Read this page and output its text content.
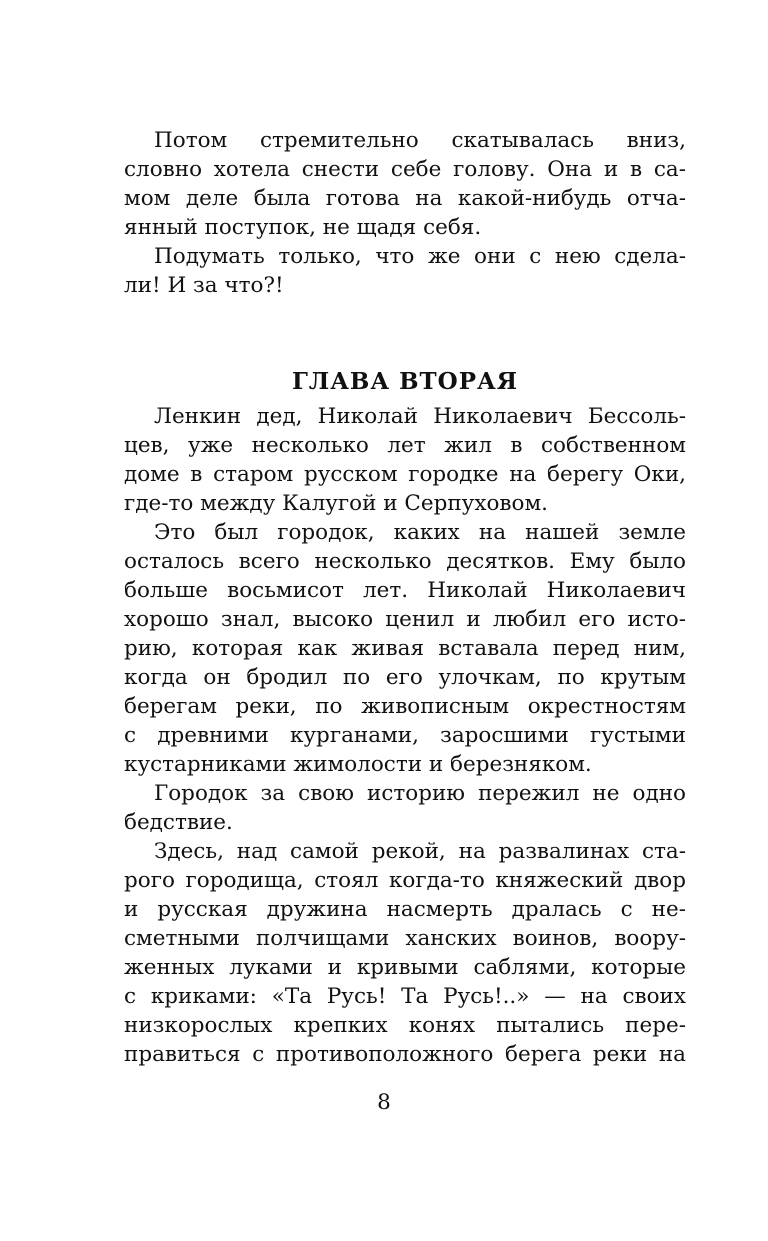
Потом стремительно скатывалась вниз,
словно хотела снести себе голову. Она и в са-
мом деле была готова на какой-нибудь отча-
янный поступок, не щадя себя.
Подумать только, что же они с нею сдела-
ли! И за что?!
ГЛАВА ВТОРАЯ
Ленкин дед, Николай Николаевич Бессоль-
цев, уже несколько лет жил в собственном
доме в старом русском городке на берегу Оки,
где-то между Калугой и Серпуховом.
Это был городок, каких на нашей земле
осталось всего несколько десятков. Ему было
больше восьмисот лет. Николай Николаевич
хорошо знал, высоко ценил и любил его исто-
рию, которая как живая вставала перед ним,
когда он бродил по его улочкам, по крутым
берегам реки, по живописным окрестностям
с древними курганами, заросшими густыми
кустарниками жимолости и березняком.
Городок за свою историю пережил не одно
бедствие.
Здесь, над самой рекой, на развалинах ста-
рого городища, стоял когда-то княжеский двор
и русская дружина насмерть дралась с не-
сметными полчищами ханских воинов, воору-
женных луками и кривыми саблями, которые
с криками: «Та Русь! Та Русь!..» — на своих
низкорослых крепких конях пытались пере-
правиться с противоположного берега реки на
8
